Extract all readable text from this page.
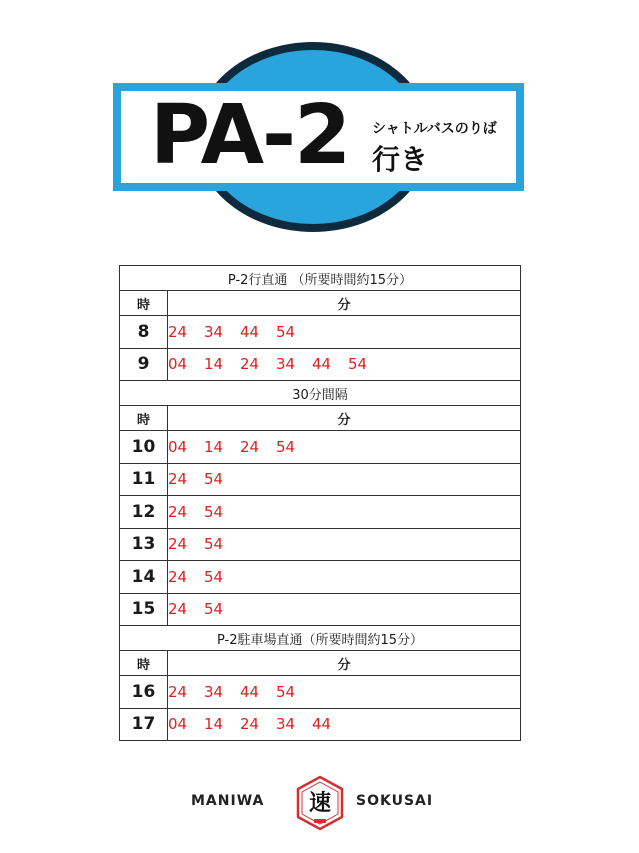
PA-2 シャトルバスのりば
行き
P-2行直通 （所要時間約15分）	
時	分
8	24 34 44 54
9	04 14 24 34 44 54
30分間隔	
時	分
10	04 14 24 54
11	24 54
12	24 54
13	24 54
14	24 54
15	24 54
P-2駐車場直通（所要時間約15分）	
時	分
16	24 34 44 54
17	04 14 24 34 44
MANIWA 速 SOKUSAI
